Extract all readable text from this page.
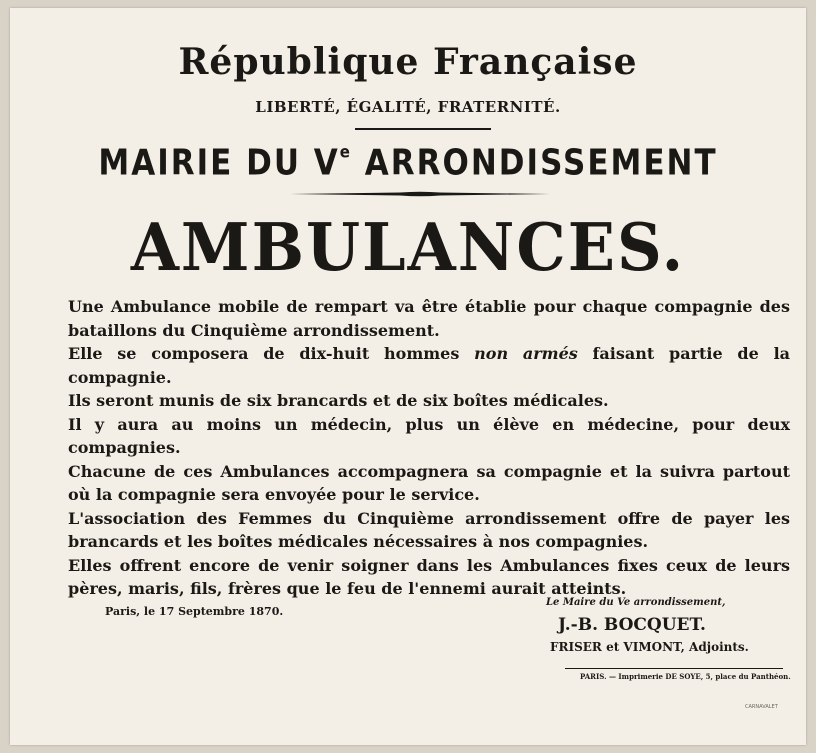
République Française
LIBERTÉ, ÉGALITÉ, FRATERNITÉ.
MAIRIE DU Ve ARRONDISSEMENT
AMBULANCES.

Une Ambulance mobile de rempart va être établie pour chaque compagnie des bataillons du Cinquième arrondissement.

Elle se composera de dix-huit hommes non armés faisant partie de la compagnie.

Ils seront munis de six brancards et de six boîtes médicales.

Il y aura au moins un médecin, plus un élève en médecine, pour deux compagnies.

Chacune de ces Ambulances accompagnera sa compagnie et la suivra partout où la compagnie sera envoyée pour le service.

L'association des Femmes du Cinquième arrondissement offre de payer les brancards et les boîtes médicales nécessaires à nos compagnies.

Elles offrent encore de venir soigner dans les Ambulances fixes ceux de leurs pères, maris, fils, frères que le feu de l'ennemi aurait atteints.

Paris, le 17 Septembre 1870.
Le Maire du Ve arrondissement,
J.-B. BOCQUET.
FRISER et VIMONT, Adjoints.
PARIS. — Imprimerie DE SOYE, 5, place du Panthéon.
CARNAVALET
